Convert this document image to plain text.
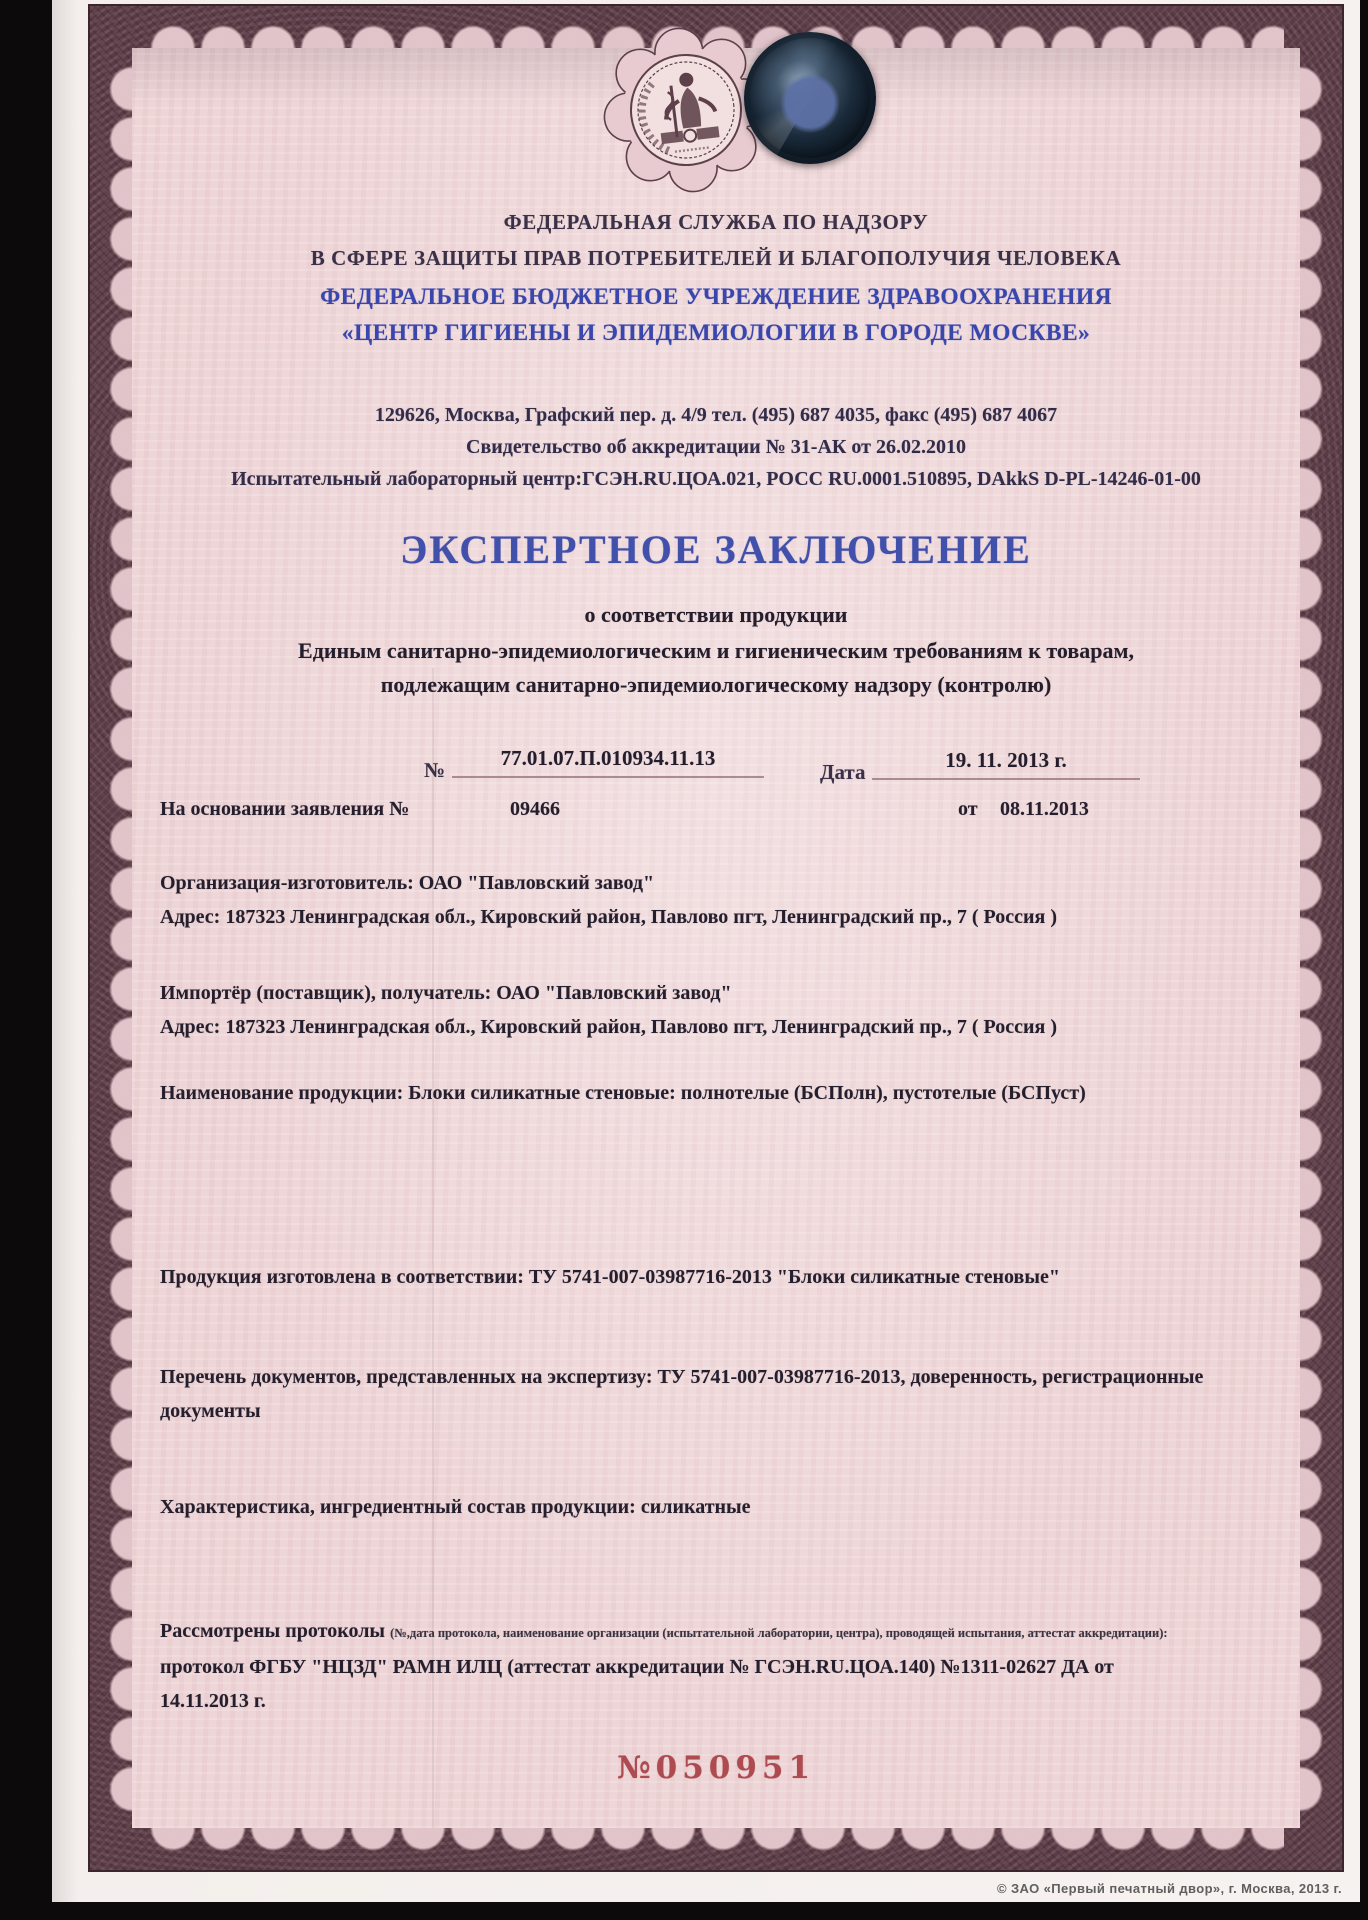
ФЕДЕРАЛЬНАЯ СЛУЖБА ПО НАДЗОРУ
В СФЕРЕ ЗАЩИТЫ ПРАВ ПОТРЕБИТЕЛЕЙ И БЛАГОПОЛУЧИЯ ЧЕЛОВЕКА
ФЕДЕРАЛЬНОЕ БЮДЖЕТНОЕ УЧРЕЖДЕНИЕ ЗДРАВООХРАНЕНИЯ
«ЦЕНТР ГИГИЕНЫ И ЭПИДЕМИОЛОГИИ В ГОРОДЕ МОСКВЕ»
129626, Москва, Графский пер. д. 4/9 тел. (495) 687 4035, факс (495) 687 4067
Свидетельство об аккредитации № 31-АК от 26.02.2010
Испытательный лабораторный центр:ГСЭН.RU.ЦОА.021, РОСС RU.0001.510895, DAkkS D-PL-14246-01-00
ЭКСПЕРТНОЕ ЗАКЛЮЧЕНИЕ
о соответствии продукции
Единым санитарно-эпидемиологическим и гигиеническим требованиям к товарам,
подлежащим санитарно-эпидемиологическому надзору (контролю)
№	77.01.07.П.010934.11.13
Дата	19. 11. 2013 г.
На основании заявления №	09466	от 08.11.2013
Организация-изготовитель: ОАО "Павловский завод"
Адрес: 187323 Ленинградская обл., Кировский район, Павлово пгт, Ленинградский пр., 7 ( Россия )
Импортёр (поставщик), получатель: ОАО "Павловский завод"
Адрес: 187323 Ленинградская обл., Кировский район, Павлово пгт, Ленинградский пр., 7 ( Россия )
Наименование продукции: Блоки силикатные стеновые: полнотелые (БСПолн), пустотелые (БСПуст)
Продукция изготовлена в соответствии: ТУ 5741-007-03987716-2013 "Блоки силикатные стеновые"
Перечень документов, представленных на экспертизу: ТУ 5741-007-03987716-2013, доверенность, регистрационные документы
Характеристика, ингредиентный состав продукции: силикатные
Рассмотрены протоколы (№,дата протокола, наименование организации (испытательной лаборатории, центра), проводящей испытания, аттестат аккредитации):
протокол ФГБУ "НЦЗД" РАМН ИЛЦ (аттестат аккредитации № ГСЭН.RU.ЦОА.140) №1311-02627 ДА от
14.11.2013 г.
№050951
© ЗАО «Первый печатный двор», г. Москва, 2013 г.
